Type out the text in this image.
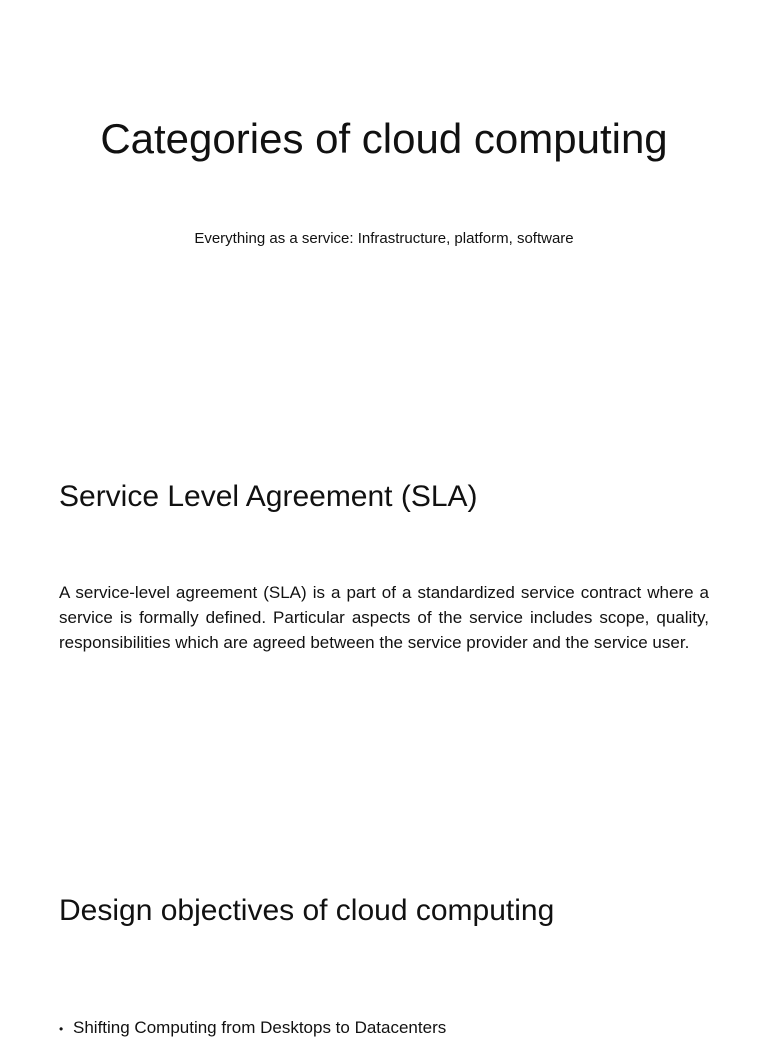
Categories of cloud computing

Everything as a service: Infrastructure, platform, software

Service Level Agreement (SLA)

A service-level agreement (SLA) is a part of a standardized service contract where a service is formally defined. Particular aspects of the service includes scope, quality, responsibilities which are agreed between the service provider and the service user.

Design objectives of cloud computing
• Shifting Computing from Desktops to Datacenters
